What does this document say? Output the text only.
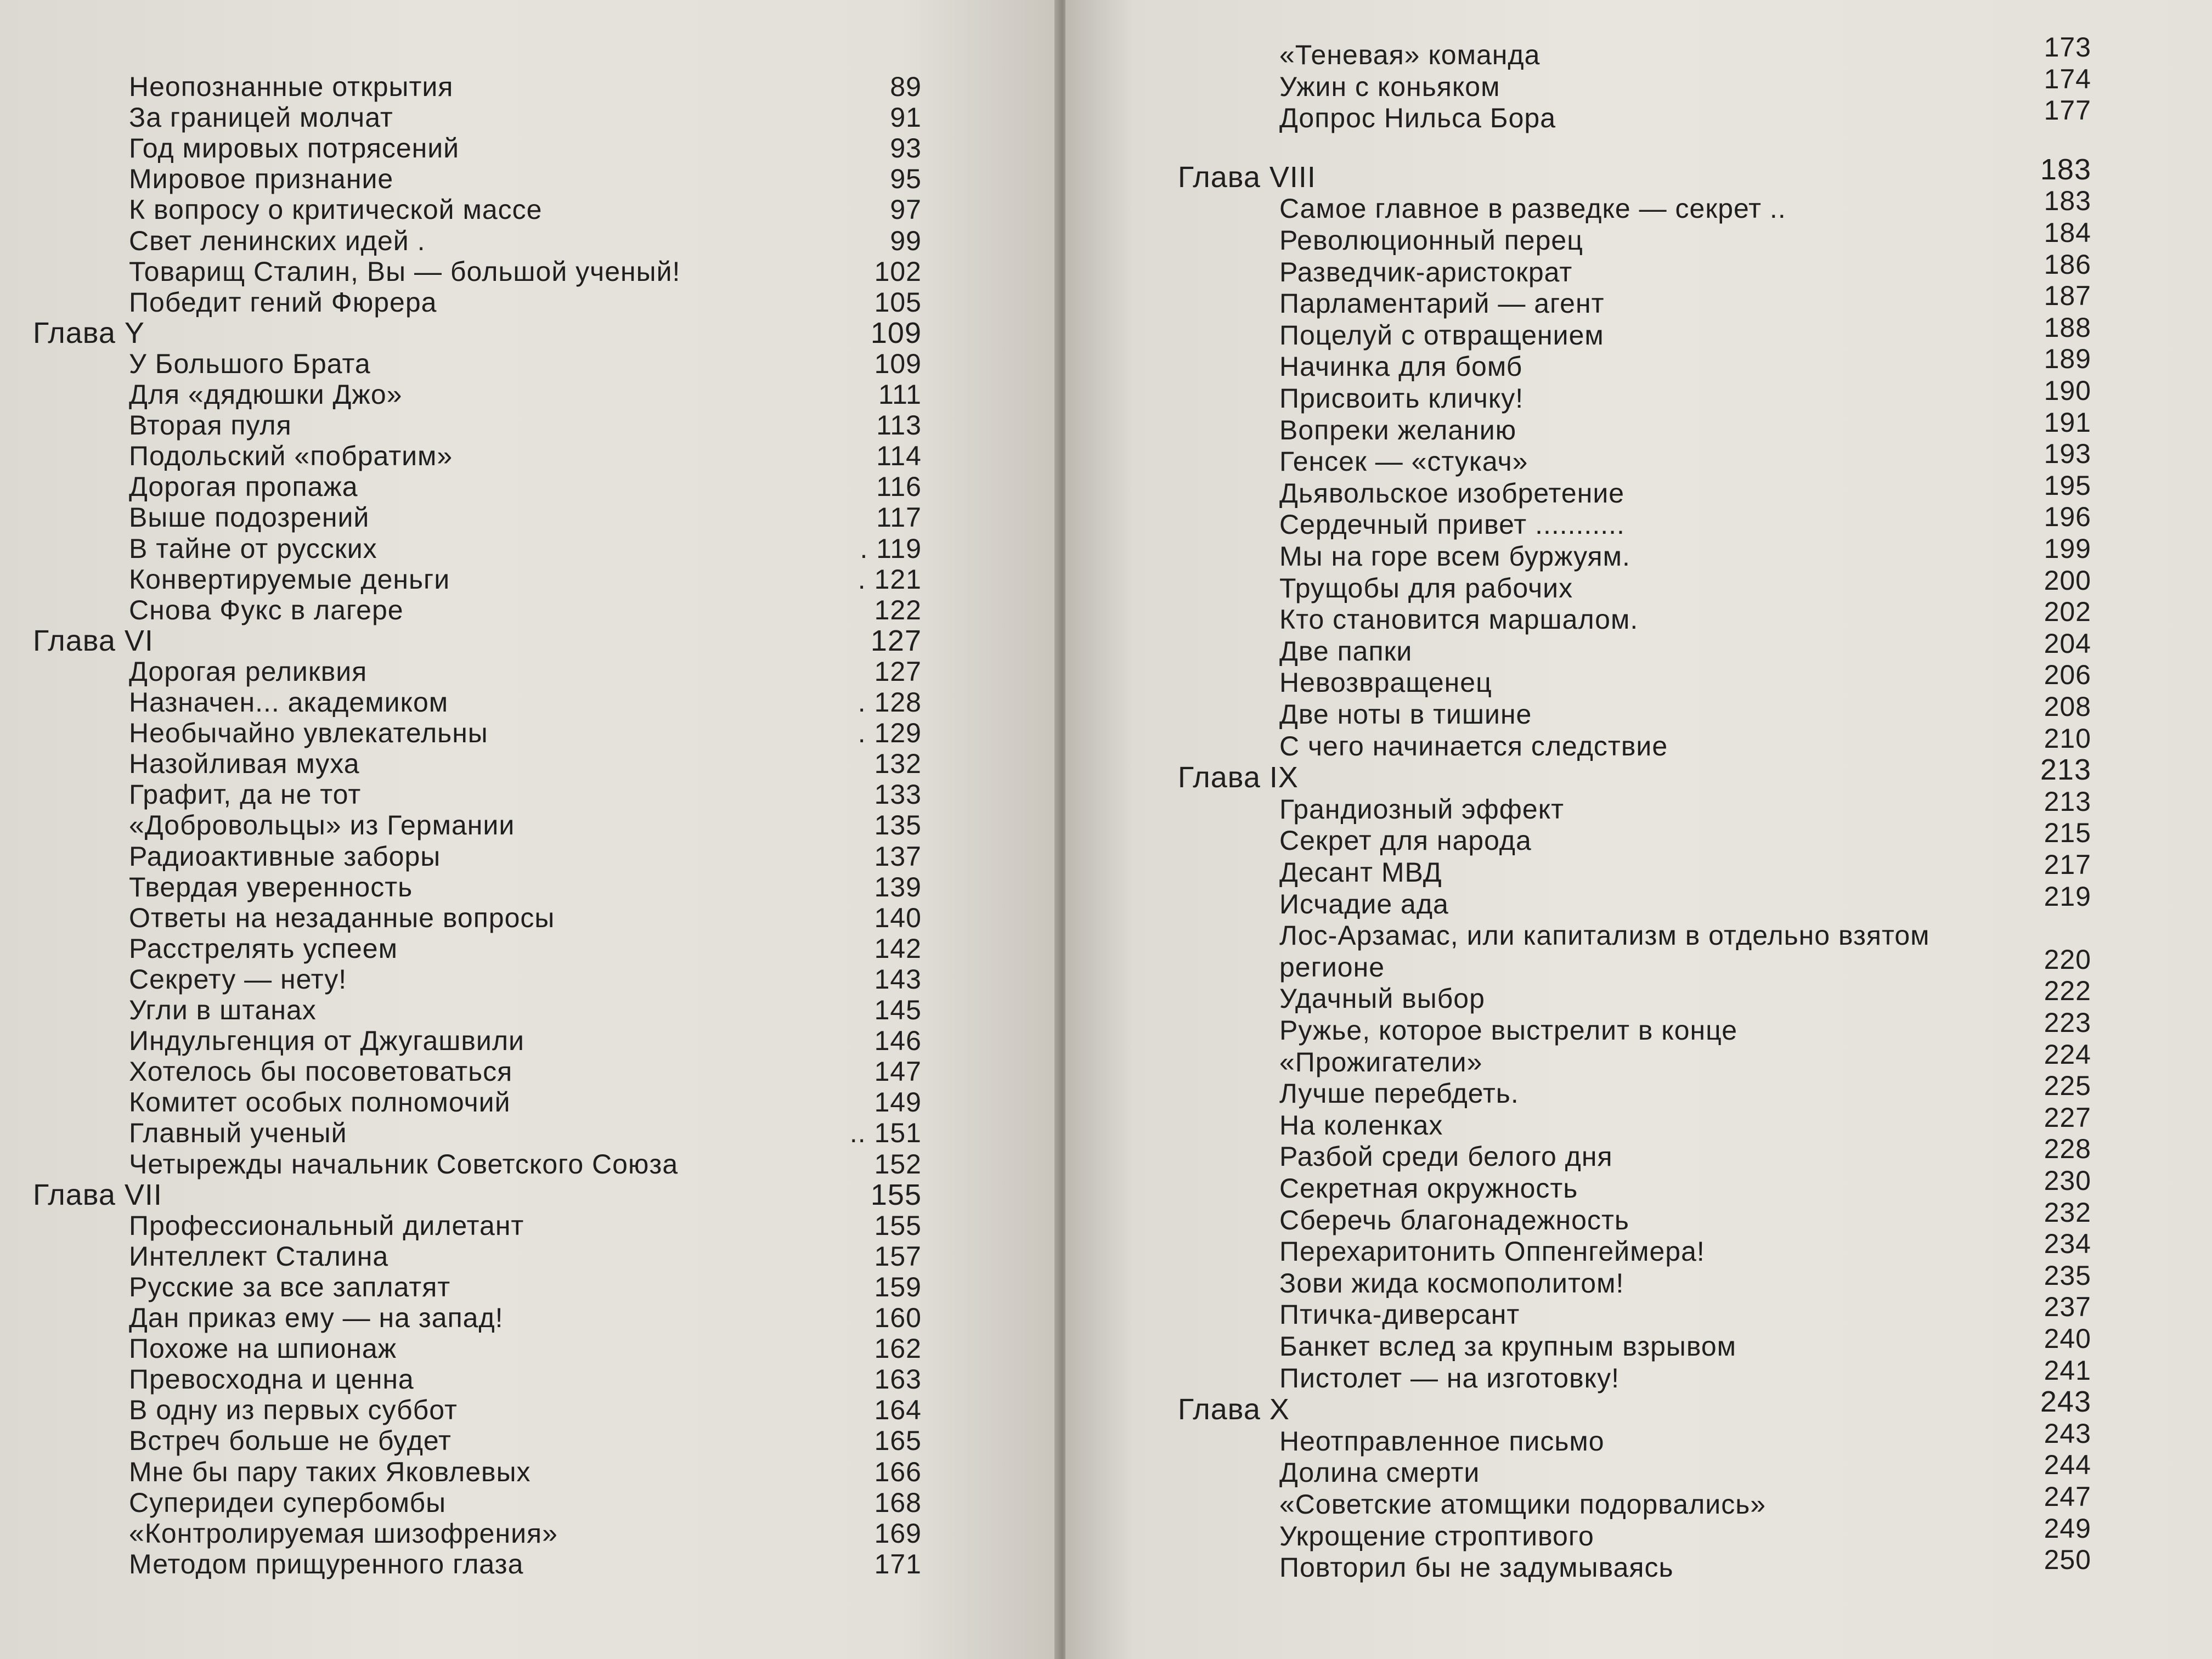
Неопознанные открытия	89
За границей молчат	91
Год мировых потрясений	93
Мировое признание	95
К вопросу о критической массе	97
Свет ленинских идей .	99
Товарищ Сталин, Вы — большой ученый!	102
Победит гений Фюрера	105
Глава Y	109
У Большого Брата	109
Для «дядюшки Джо»	111
Вторая пуля	113
Подольский «побратим»	114
Дорогая пропажа	116
Выше подозрений	117
В тайне от русских	. 119
Конвертируемые деньги	. 121
Снова Фукс в лагере	122
Глава VI	127
Дорогая реликвия	127
Назначен... академиком	. 128
Необычайно увлекательны	. 129
Назойливая муха	132
Графит, да не тот	133
«Добровольцы» из Германии	135
Радиоактивные заборы	137
Твердая уверенность	139
Ответы на незаданные вопросы	140
Расстрелять успеем	142
Секрету — нету!	143
Угли в штанах	145
Индульгенция от Джугашвили	146
Хотелось бы посоветоваться	147
Комитет особых полномочий	149
Главный ученый	.. 151
Четырежды начальник Советского Союза	152
Глава VII	155
Профессиональный дилетант	155
Интеллект Сталина	157
Русские за все заплатят	159
Дан приказ ему — на запад!	160
Похоже на шпионаж	162
Превосходна и ценна	163
В одну из первых суббот	164
Встреч больше не будет	165
Мне бы пару таких Яковлевых	166
Суперидеи супербомбы	168
«Контролируемая шизофрения»	169
Методом прищуренного глаза	171
«Теневая» команда	173
Ужин с коньяком	174
Допрос Нильса Бора	177
Глава VIII	183
Самое главное в разведке — секрет ..	183
Революционный перец	184
Разведчик-аристократ	186
Парламентарий — агент	187
Поцелуй с отвращением	188
Начинка для бомб	189
Присвоить кличку!	190
Вопреки желанию	191
Генсек — «стукач»	193
Дьявольское изобретение	195
Сердечный привет ...........	196
Мы на горе всем буржуям.	199
Трущобы для рабочих	200
Кто становится маршалом.	202
Две папки	204
Невозвращенец	206
Две ноты в тишине	208
С чего начинается следствие	210
Глава IX	213
Грандиозный эффект	213
Секрет для народа	215
Десант МВД	217
Исчадие ада	219
Лос-Арзамас, или капитализм в отдельно взятом
регионе	220
Удачный выбор	222
Ружье, которое выстрелит в конце	223
«Прожигатели»	224
Лучше перебдеть.	225
На коленках	227
Разбой среди белого дня	228
Секретная окружность	230
Сберечь благонадежность	232
Перехаритонить Оппенгеймера!	234
Зови жида космополитом!	235
Птичка-диверсант	237
Банкет вслед за крупным взрывом	240
Пистолет — на изготовку!	241
Глава X	243
Неотправленное письмо	243
Долина смерти	244
«Советские атомщики подорвались»	247
Укрощение строптивого	249
Повторил бы не задумываясь	250
